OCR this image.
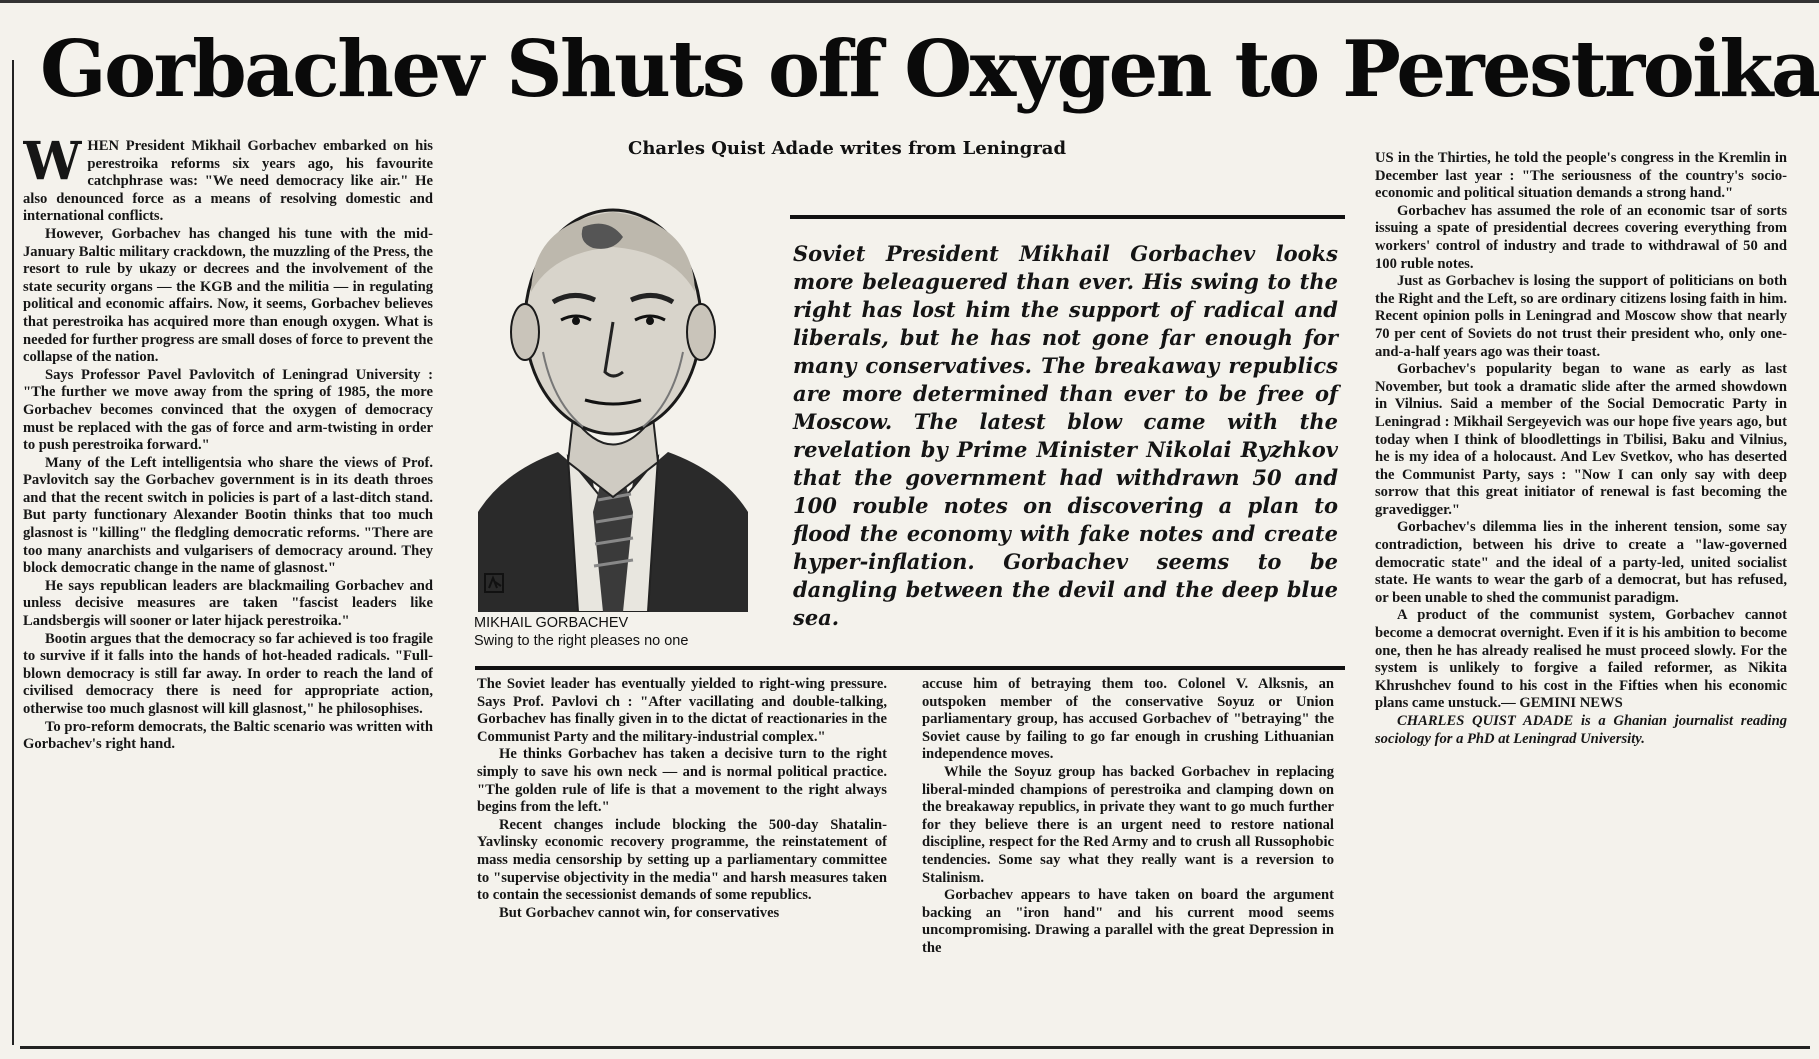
Gorbachev Shuts off Oxygen to Perestroika

WHEN President Mikhail Gorbachev embarked on his perestroika reforms six years ago, his favourite catchphrase was: "We need democracy like air." He also denounced force as a means of resolving domestic and international conflicts.

However, Gorbachev has changed his tune with the mid-January Baltic military crackdown, the muzzling of the Press, the resort to rule by ukazy or decrees and the involvement of the state security organs — the KGB and the militia — in regulating political and economic affairs. Now, it seems, Gorbachev believes that perestroika has acquired more than enough oxygen. What is needed for further progress are small doses of force to prevent the collapse of the nation.

Says Professor Pavel Pavlovitch of Leningrad University : "The further we move away from the spring of 1985, the more Gorbachev becomes convinced that the oxygen of democracy must be replaced with the gas of force and arm-twisting in order to push perestroika forward."

Many of the Left intelligentsia who share the views of Prof. Pavlovitch say the Gorbachev government is in its death throes and that the recent switch in policies is part of a last-ditch stand. But party functionary Alexander Bootin thinks that too much glasnost is "killing" the fledgling democratic reforms. "There are too many anarchists and vulgarisers of democracy around. They block democratic change in the name of glasnost."

He says republican leaders are blackmailing Gorbachev and unless decisive measures are taken "fascist leaders like Landsbergis will sooner or later hijack perestroika."

Bootin argues that the democracy so far achieved is too fragile to survive if it falls into the hands of hot-headed radicals. "Full-blown democracy is still far away. In order to reach the land of civilised democracy there is need for appropriate action, otherwise too much glasnost will kill glasnost," he philosophises.

To pro-reform democrats, the Baltic scenario was written with Gorbachev's right hand.

Charles Quist Adade writes from Leningrad
MIKHAIL GORBACHEV
Swing to the right pleases no one

Soviet President Mikhail Gorbachev looks more beleaguered than ever. His swing to the right has lost him the support of radical and liberals, but he has not gone far enough for many conservatives. The breakaway republics are more determined than ever to be free of Moscow. The latest blow came with the revelation by Prime Minister Nikolai Ryzhkov that the government had withdrawn 50 and 100 rouble notes on discovering a plan to flood the economy with fake notes and create hyper-inflation. Gorbachev seems to be dangling between the devil and the deep blue sea.

The Soviet leader has eventually yielded to right-wing pressure. Says Prof. Pavlovi ch : "After vacillating and double-talking, Gorbachev has finally given in to the dictat of reactionaries in the Communist Party and the military-industrial complex."

He thinks Gorbachev has taken a decisive turn to the right simply to save his own neck — and is normal political practice. "The golden rule of life is that a movement to the right always begins from the left."

Recent changes include blocking the 500-day Shatalin-Yavlinsky economic recovery programme, the reinstatement of mass media censorship by setting up a parliamentary committee to "supervise objectivity in the media" and harsh measures taken to contain the secessionist demands of some republics.

But Gorbachev cannot win, for conservatives

accuse him of betraying them too. Colonel V. Alksnis, an outspoken member of the conservative Soyuz or Union parliamentary group, has accused Gorbachev of "betraying" the Soviet cause by failing to go far enough in crushing Lithuanian independence moves.

While the Soyuz group has backed Gorbachev in replacing liberal-minded champions of perestroika and clamping down on the breakaway republics, in private they want to go much further for they believe there is an urgent need to restore national discipline, respect for the Red Army and to crush all Russophobic tendencies. Some say what they really want is a reversion to Stalinism.

Gorbachev appears to have taken on board the argument backing an "iron hand" and his current mood seems uncompromising. Drawing a parallel with the great Depression in the

US in the Thirties, he told the people's congress in the Kremlin in December last year : "The seriousness of the country's socio-economic and political situation demands a strong hand."

Gorbachev has assumed the role of an economic tsar of sorts issuing a spate of presidential decrees covering everything from workers' control of industry and trade to withdrawal of 50 and 100 ruble notes.

Just as Gorbachev is losing the support of politicians on both the Right and the Left, so are ordinary citizens losing faith in him. Recent opinion polls in Leningrad and Moscow show that nearly 70 per cent of Soviets do not trust their president who, only one-and-a-half years ago was their toast.

Gorbachev's popularity began to wane as early as last November, but took a dramatic slide after the armed showdown in Vilnius. Said a member of the Social Democratic Party in Leningrad : Mikhail Sergeyevich was our hope five years ago, but today when I think of bloodlettings in Tbilisi, Baku and Vilnius, he is my idea of a holocaust. And Lev Svetkov, who has deserted the Communist Party, says : "Now I can only say with deep sorrow that this great initiator of renewal is fast becoming the gravedigger."

Gorbachev's dilemma lies in the inherent tension, some say contradiction, between his drive to create a "law-governed democratic state" and the ideal of a party-led, united socialist state. He wants to wear the garb of a democrat, but has refused, or been unable to shed the communist paradigm.

A product of the communist system, Gorbachev cannot become a democrat overnight. Even if it is his ambition to become one, then he has already realised he must proceed slowly. For the system is unlikely to forgive a failed reformer, as Nikita Khrushchev found to his cost in the Fifties when his economic plans came unstuck.— GEMINI NEWS

CHARLES QUIST ADADE is a Ghanian journalist reading sociology for a PhD at Leningrad University.
